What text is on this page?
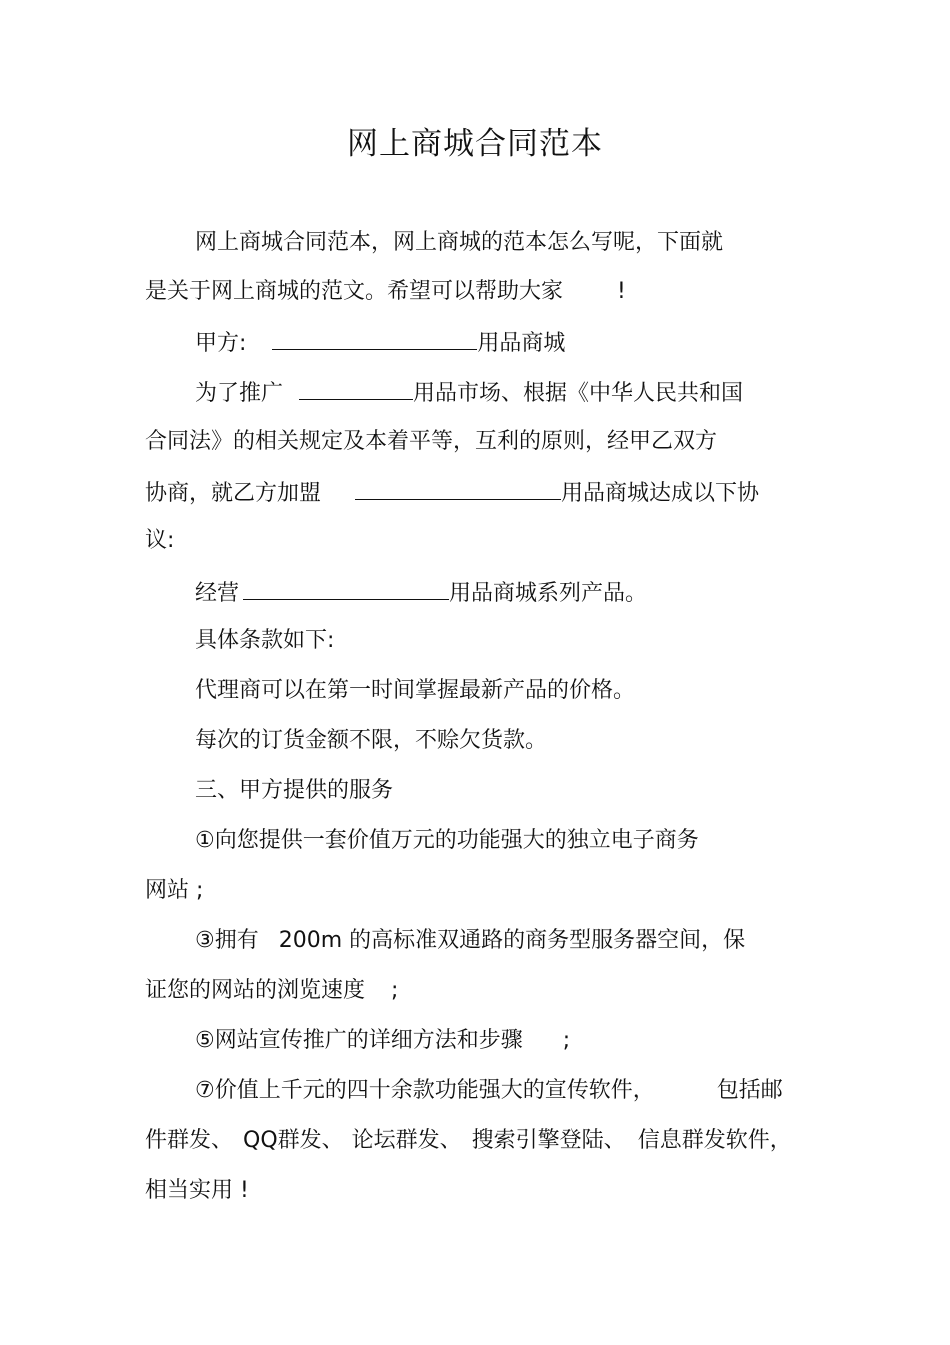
网上商城合同范本
网上商城合同范本，网上商城的范本怎么写呢，下面就
是关于网上商城的范文。希望可以帮助大家 !
甲方:	用品商城
为了推广	用品市场、根据《中华人民共和国
合同法》的相关规定及本着平等，互利的原则，经甲乙双方
协商，就乙方加盟	用品商城达成以下协
议:
经营	用品商城系列产品。
具体条款如下:
代理商可以在第一时间掌握最新产品的价格。
每次的订货金额不限，不赊欠货款。
三、甲方提供的服务
①向您提供一套价值万元的功能强大的独立电子商务
网站 ;
③拥有 200m 的高标准双通路的商务型服务器空间，保
证您的网站的浏览速度 ;
⑤网站宣传推广的详细方法和步骤 ;
⑦价值上千元的四十余款功能强大的宣传软件，	包括邮
件群发、 QQ群发、 论坛群发、 搜索引擎登陆、 信息群发软件，
相当实用 !
